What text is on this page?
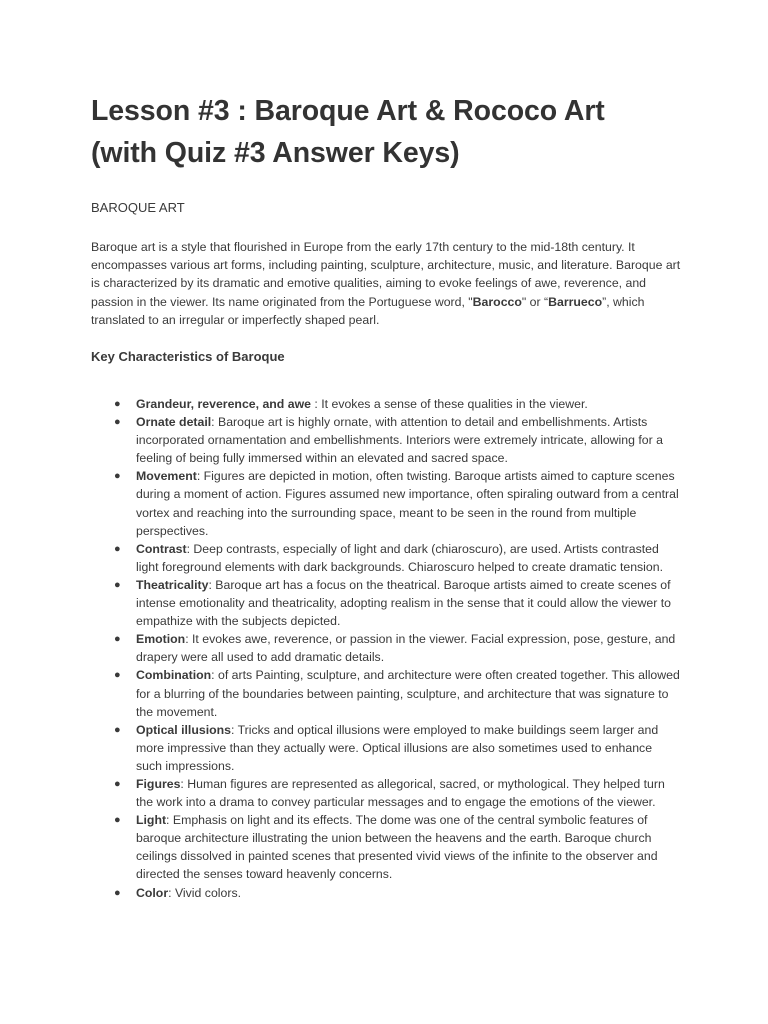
Lesson #3 : Baroque Art & Rococo Art
(with Quiz #3 Answer Keys)
BAROQUE ART

Baroque art is a style that flourished in Europe from the early 17th century to the mid-18th century. It encompasses various art forms, including painting, sculpture, architecture, music, and literature. Baroque art is characterized by its dramatic and emotive qualities, aiming to evoke feelings of awe, reverence, and passion in the viewer. Its name originated from the Portuguese word, "Barocco" or “Barrueco”, which translated to an irregular or imperfectly shaped pearl.

Key Characteristics of Baroque
● Grandeur, reverence, and awe : It evokes a sense of these qualities in the viewer.
● Ornate detail: Baroque art is highly ornate, with attention to detail and embellishments. Artists incorporated ornamentation and embellishments. Interiors were extremely intricate, allowing for a feeling of being fully immersed within an elevated and sacred space.
● Movement: Figures are depicted in motion, often twisting. Baroque artists aimed to capture scenes during a moment of action. Figures assumed new importance, often spiraling outward from a central vortex and reaching into the surrounding space, meant to be seen in the round from multiple perspectives.
● Contrast: Deep contrasts, especially of light and dark (chiaroscuro), are used. Artists contrasted light foreground elements with dark backgrounds. Chiaroscuro helped to create dramatic tension.
● Theatricality: Baroque art has a focus on the theatrical. Baroque artists aimed to create scenes of intense emotionality and theatricality, adopting realism in the sense that it could allow the viewer to empathize with the subjects depicted.
● Emotion: It evokes awe, reverence, or passion in the viewer. Facial expression, pose, gesture, and drapery were all used to add dramatic details.
● Combination: of arts Painting, sculpture, and architecture were often created together. This allowed for a blurring of the boundaries between painting, sculpture, and architecture that was signature to the movement.
● Optical illusions: Tricks and optical illusions were employed to make buildings seem larger and more impressive than they actually were. Optical illusions are also sometimes used to enhance such impressions.
● Figures: Human figures are represented as allegorical, sacred, or mythological. They helped turn the work into a drama to convey particular messages and to engage the emotions of the viewer.
● Light: Emphasis on light and its effects. The dome was one of the central symbolic features of baroque architecture illustrating the union between the heavens and the earth. Baroque church ceilings dissolved in painted scenes that presented vivid views of the infinite to the observer and directed the senses toward heavenly concerns.
● Color: Vivid colors.
